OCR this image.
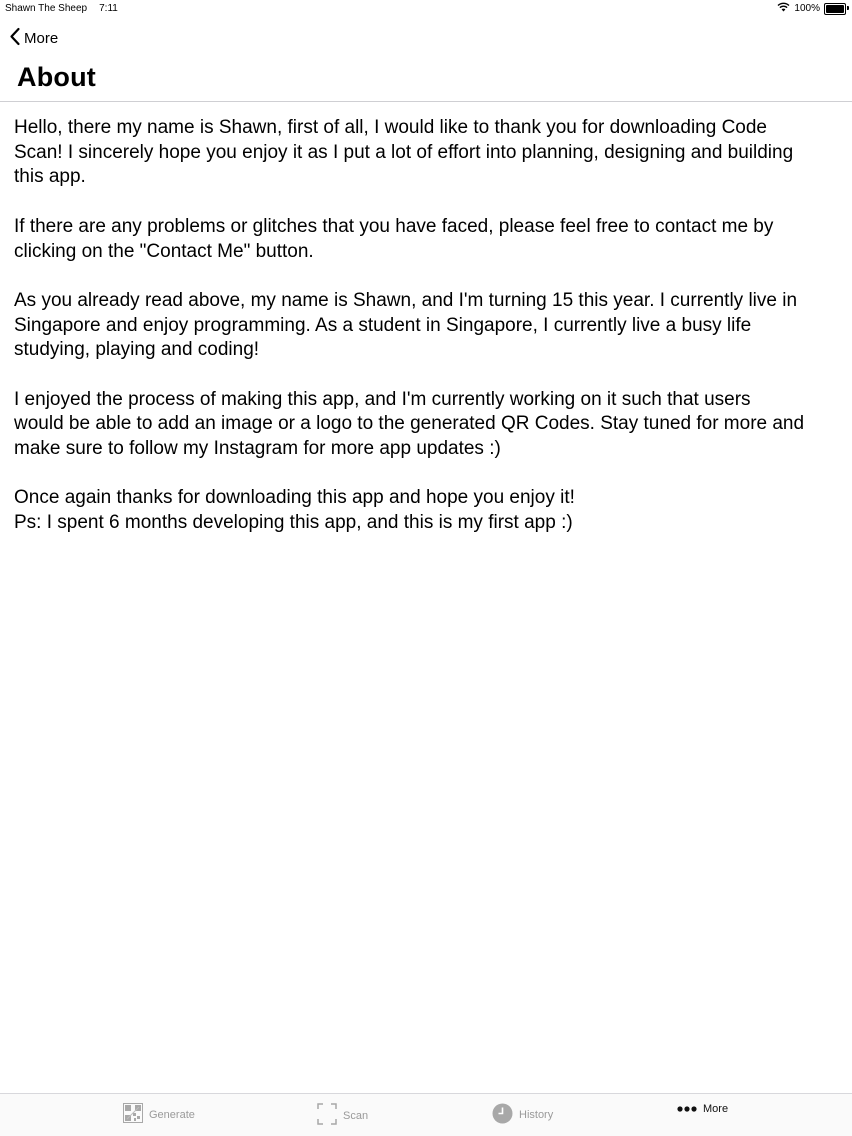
Shawn The Sheep 7:11	100%
More
About

Hello, there my name is Shawn, first of all, I would like to thank you for downloading Code
Scan! I sincerely hope you enjoy it as I put a lot of effort into planning, designing and building
this app.

If there are any problems or glitches that you have faced, please feel free to contact me by
clicking on the "Contact Me" button.

As you already read above, my name is Shawn, and I'm turning 15 this year. I currently live in
Singapore and enjoy programming. As a student in Singapore, I currently live a busy life
studying, playing and coding!

I enjoyed the process of making this app, and I'm currently working on it such that users
would be able to add an image or a logo to the generated QR Codes. Stay tuned for more and
make sure to follow my Instagram for more app updates :)

Once again thanks for downloading this app and hope you enjoy it!
Ps: I spent 6 months developing this app, and this is my first app :)

Generate	Scan	History	More
